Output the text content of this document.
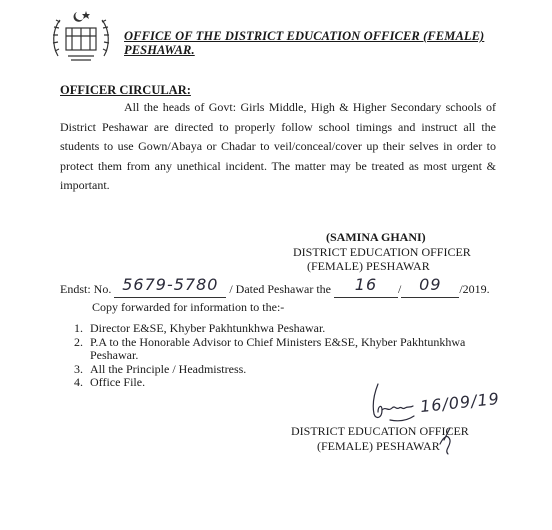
OFFICE OF THE DISTRICT EDUCATION OFFICER (FEMALE)
PESHAWAR.
OFFICER CIRCULAR:

All the heads of Govt: Girls Middle, High & Higher Secondary schools of District Peshawar are directed to properly follow school timings and instruct all the students to use Gown/Abaya or Chadar to veil/conceal/cover up their selves in order to protect them from any unethical incident. The matter may be treated as most urgent & important.

(SAMINA GHANI)
DISTRICT EDUCATION OFFICER
(FEMALE) PESHAWAR
Endst: No. 5679-5780 / Dated Peshawar the 16 / 09 /2019.
Copy forwarded for information to the:-
1. Director E&SE, Khyber Pakhtunkhwa Peshawar.
2. P.A to the Honorable Advisor to Chief Ministers E&SE, Khyber Pakhtunkhwa Peshawar.
3. All the Principle / Headmistress.
4. Office File.
16/09/19
DISTRICT EDUCATION OFFICER
(FEMALE) PESHAWAR
